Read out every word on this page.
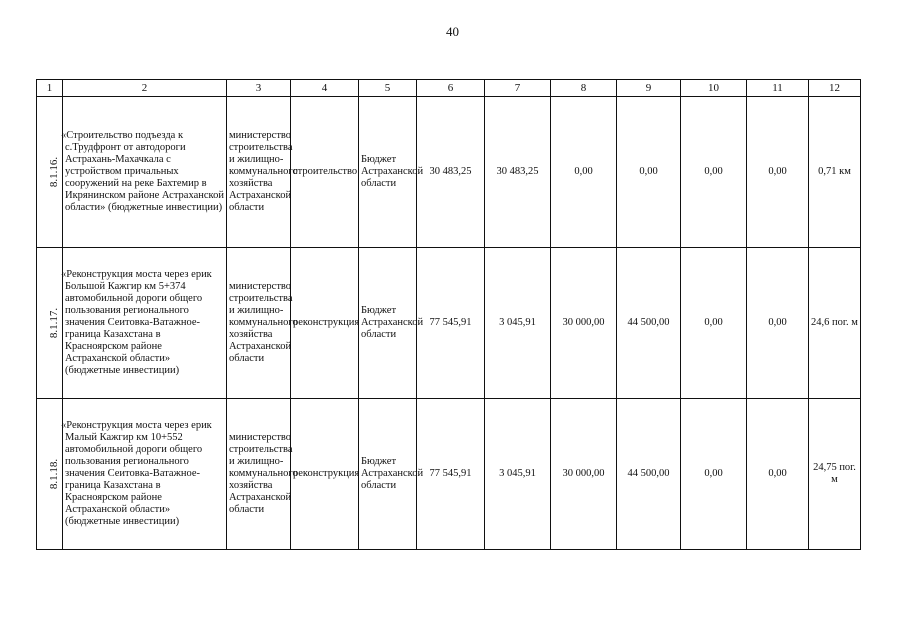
40
1	2	3	4	5	6	7	8	9	10	11	12
8.1.16.	«Строительство подъезда к с.Трудфронт от автодороги Астрахань-Махачкала с устройством причальных сооружений на реке Бахтемир в Икрянинском районе Астраханской области» (бюджетные инвестиции)	министерство строительства и жилищно-коммунального хозяйства Астраханской области	строительство	Бюджет Астраханской области	30 483,25	30 483,25	0,00	0,00	0,00	0,00	0,71 км
8.1.17.	«Реконструкция моста через ерик Большой Кажгир км 5+374 автомобильной дороги общего пользования регионального значения Сеитовка-Ватажное-граница Казахстана в Красноярском районе Астраханской области» (бюджетные инвестиции)	министерство строительства и жилищно-коммунального хозяйства Астраханской области	реконструкция	Бюджет Астраханской области	77 545,91	3 045,91	30 000,00	44 500,00	0,00	0,00	24,6 пог. м
8.1.18.	«Реконструкция моста через ерик Малый Кажгир км 10+552 автомобильной дороги общего пользования регионального значения Сеитовка-Ватажное-граница Казахстана в Красноярском районе Астраханской области» (бюджетные инвестиции)	министерство строительства и жилищно-коммунального хозяйства Астраханской области	реконструкция	Бюджет Астраханской области	77 545,91	3 045,91	30 000,00	44 500,00	0,00	0,00	24,75 пог. м
